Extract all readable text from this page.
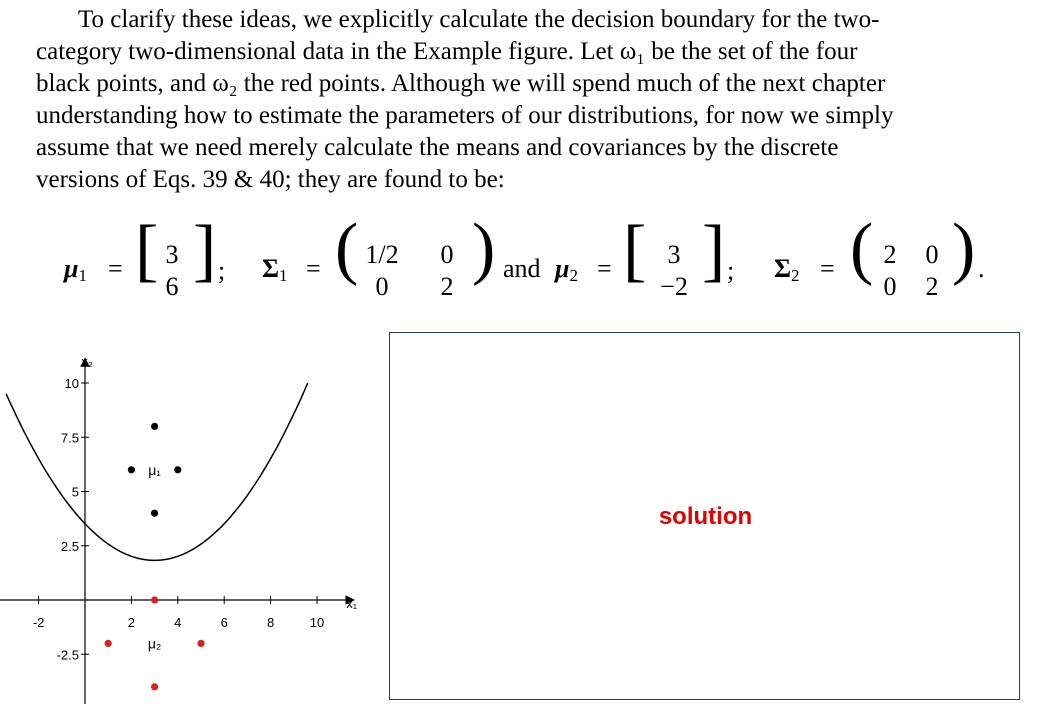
To clarify these ideas, we explicitly calculate the decision boundary for the two-
category two-dimensional data in the Example figure. Let ω₁ be the set of the four
black points, and ω₂ the red points. Although we will spend much of the next chapter
understanding how to estimate the parameters of our distributions, for now we simply
assume that we need merely calculate the means and covariances by the discrete
versions of Eqs. 39 & 40; they are found to be:
$\mu_1$ = [ 3
6 ] ; $\Sigma_1$ = ( 1/2	0
0	2 ) and $\mu_2$ = [ 3
−2 ] ; $\Sigma_2$ = ( 2	0
0	2 ) .
-2	2	4	6	8	10
10
7.5
5
2.5
-2.5
x₁
x₂
μ₁
μ₂
solution
